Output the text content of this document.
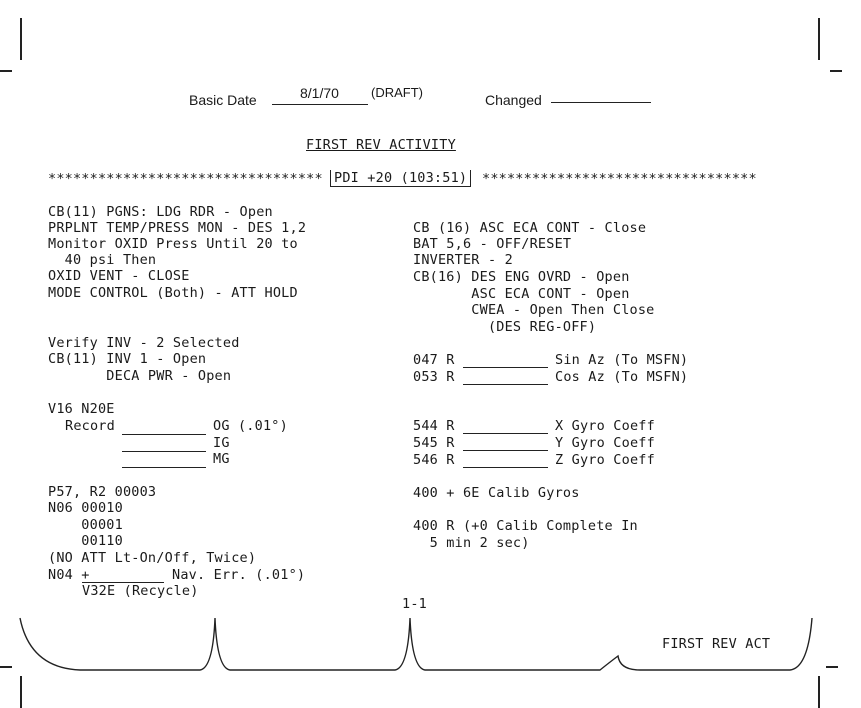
Basic Date	8/1/70 (DRAFT)	Changed
FIRST REV ACTIVITY
********************************* PDI +20 (103:51) *********************************
CB(11) PGNS: LDG RDR - Open
PRPLNT TEMP/PRESS MON - DES 1,2
Monitor OXID Press Until 20 to
40 psi Then
OXID VENT - CLOSE
MODE CONTROL (Both) - ATT HOLD
Verify INV - 2 Selected
CB(11) INV 1 - Open
DECA PWR - Open
V16 N20E
Record	OG (.01°)
IG
MG
P57, R2 00003
N06 00010
00001
00110
(NO ATT Lt-On/Off, Twice)
N04 +	Nav. Err. (.01°)
V32E (Recycle)
CB (16) ASC ECA CONT - Close
BAT 5,6 - OFF/RESET
INVERTER - 2
CB(16) DES ENG OVRD - Open
ASC ECA CONT - Open
CWEA - Open Then Close
(DES REG-OFF)
047 R	Sin Az (To MSFN)
053 R	Cos Az (To MSFN)
544 R	X Gyro Coeff
545 R	Y Gyro Coeff
546 R	Z Gyro Coeff
400 + 6E Calib Gyros
400 R (+0 Calib Complete In
5 min 2 sec)
1-1
FIRST REV ACT
